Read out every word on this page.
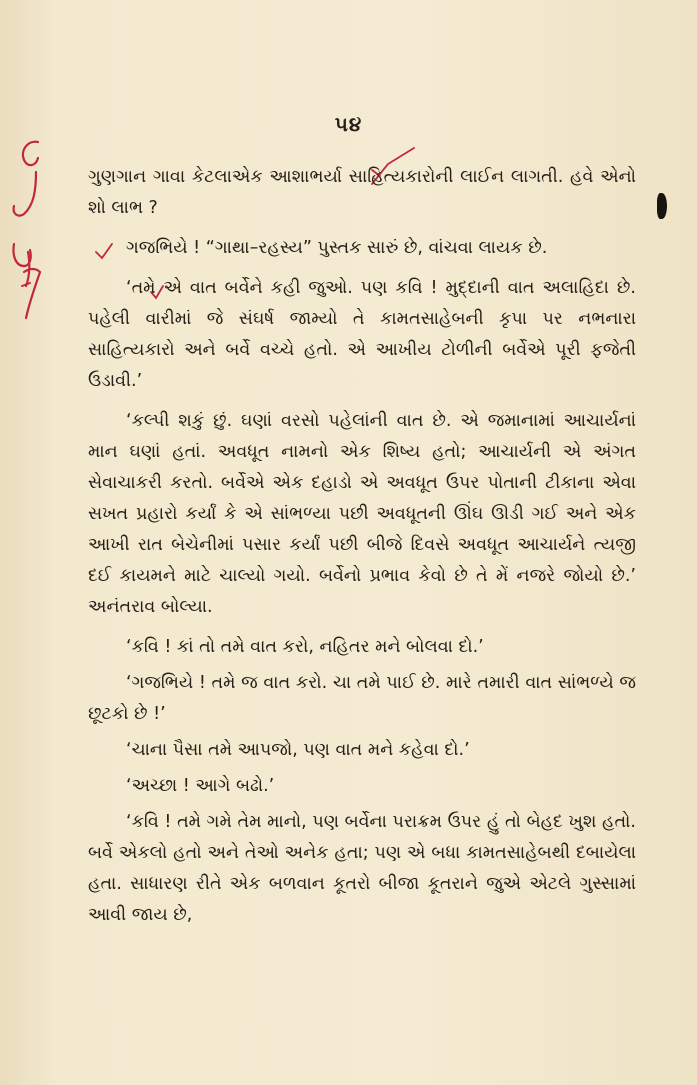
૫૪

ગુણગાન ગાવા કેટલાએક આશાભર્યા સાહિત્યકારોની લાઈન લાગતી. હવે એનો શો લાભ ?

ગજભિયે ! “ગાથા–રહસ્ય” પુસ્તક સારું છે, વાંચવા લાયક છે.

‘તમે એ વાત બર્વેને કહી જુઓ. પણ કવિ ! મુદ્દાની વાત અલાહિદા છે. પહેલી વારીમાં જે સંઘર્ષ જામ્યો તે કામતસાહેબની કૃપા પર નભનારા સાહિત્યકારો અને બર્વે વચ્ચે હતો. એ આખીય ટોળીની બર્વેએ પૂરી ફજેતી ઉડાવી.’

‘કલ્પી શકું છું. ઘણાં વરસો પહેલાંની વાત છે. એ જમાનામાં આચાર્યનાં માન ઘણાં હતાં. અવધૂત નામનો એક શિષ્ય હતો; આચાર્યની એ અંગત સેવાચાકરી કરતો. બર્વેએ એક દહાડો એ અવધૂત ઉપર પોતાની ટીકાના એવા સખત પ્રહારો કર્યાં કે એ સાંભળ્યા પછી અવધૂતની ઊંઘ ઊડી ગઈ અને એક આખી રાત બેચેનીમાં પસાર કર્યાં પછી બીજે દિવસે અવધૂત આચાર્યને ત્યજી દઈ કાયમને માટે ચાલ્યો ગયો. બર્વેનો પ્રભાવ કેવો છે તે મેં નજરે જોયો છે.’ અનંતરાવ બોલ્યા.

‘કવિ ! કાં તો તમે વાત કરો, નહિતર મને બોલવા દો.’

‘ગજભિયે ! તમે જ વાત કરો. ચા તમે પાઈ છે. મારે તમારી વાત સાંભળ્યે જ છૂટકો છે !’

‘ચાના પૈસા તમે આપજો, પણ વાત મને કહેવા દો.’

‘અચ્છા ! આગે બઢો.’

‘કવિ ! તમે ગમે તેમ માનો, પણ બર્વેના પરાક્રમ ઉપર હું તો બેહદ ખુશ હતો. બર્વે એકલો હતો અને તેઓ અનેક હતા; પણ એ બધા કામતસાહેબથી દબાયેલા હતા. સાધારણ રીતે એક બળવાન કૂતરો બીજા કૂતરાને જુએ એટલે ગુસ્સામાં આવી જાય છે,
